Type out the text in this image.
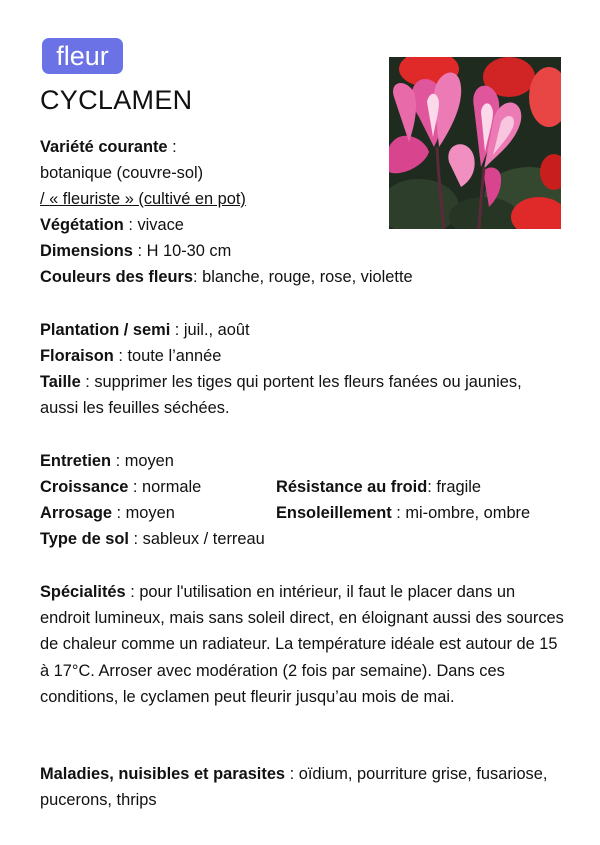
fleur
CYCLAMEN
Variété courante :
botanique (couvre-sol)
/ « fleuriste » (cultivé en pot)
Végétation : vivace
Dimensions : H 10-30 cm
Couleurs des fleurs: blanche, rouge, rose, violette
Plantation / semi : juil., août
Floraison : toute l’année
Taille : supprimer les tiges qui portent les fleurs fanées ou jaunies, aussi les feuilles séchées.
Entretien : moyen
Croissance : normale	Résistance au froid: fragile
Arrosage : moyen	Ensoleillement : mi-ombre, ombre
Type de sol : sableux / terreau
Spécialités : pour l'utilisation en intérieur, il faut le placer dans un endroit lumineux, mais sans soleil direct, en éloignant aussi des sources de chaleur comme un radiateur. La température idéale est autour de 15 à 17°C. Arroser avec modération (2 fois par semaine). Dans ces conditions, le cyclamen peut fleurir jusqu’au mois de mai.
Maladies, nuisibles et parasites : oïdium, pourriture grise, fusariose, pucerons, thrips
